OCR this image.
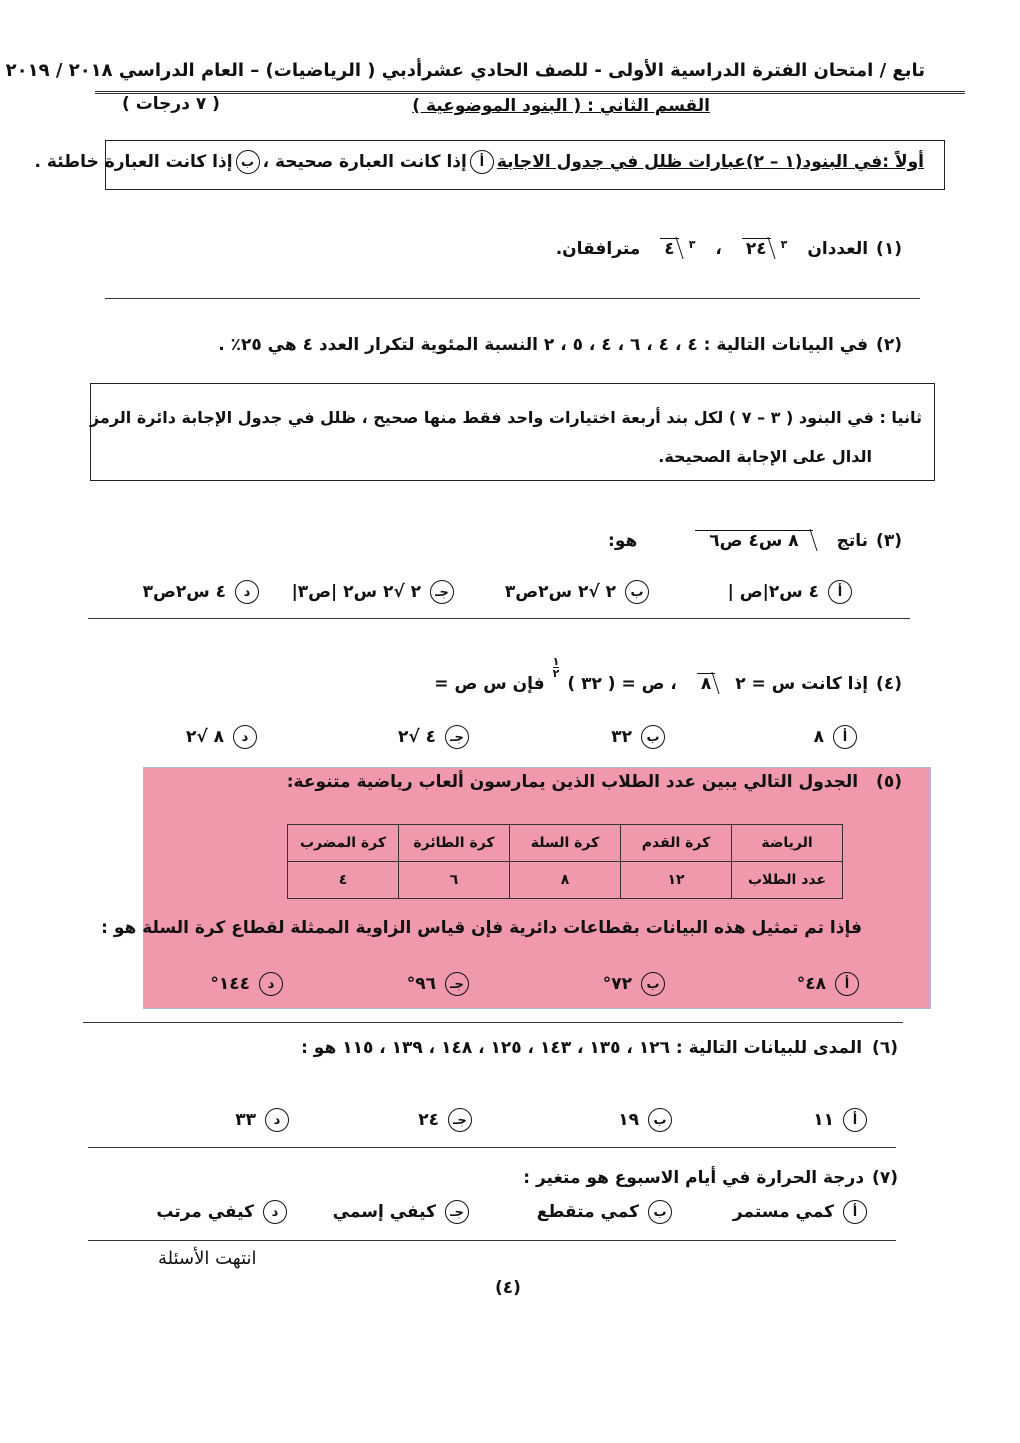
تابع / امتحان الفترة الدراسية الأولى - للصف الحادي عشرأدبي ( الرياضيات) – العام الدراسي ٢٠١٨ / ٢٠١٩
القسم الثاني : ( البنود الموضوعية )
( ٧ درجات )
أولاً :في البنود(١ – ٢)عبارات ظلل في جدول الاجابة
أ
إذا كانت العبارة صحيحة ،
ب
إذا كانت العبارة خاطئة .
(١)
العددان
٣
٢٤
،
٣
٤
مترافقان.
(٢)
في البيانات التالية : ٤ ، ٤ ، ٦ ، ٤ ، ٥ ، ٢ النسبة المئوية لتكرار العدد ٤ هي ٢٥٪ .
ثانيا : في البنود ( ٣ – ٧ ) لكل بند أربعة اختيارات واحد فقط منها صحيح ، ظلل في جدول الإجابة دائرة الرمز
الدال على الإجابة الصحيحة.
(٣)
ناتج
٨ س٤ ص٦
هو:
أ
٤ س٢|ص |
ب
٢ √٢ س٢ص٣
جـ
٢ √٢ س٢ |ص٣|
د
٤ س٢ص٣
(٤)
إذا كانت س = ٢
٨
، ص = ( ٣٢ )
١
٢
فإن س ص =
أ
٨
ب
٣٢
جـ
٤ √٢
د
٨ √٢
(٥)
الجدول التالي يبين عدد الطلاب الذين يمارسون ألعاب رياضية متنوعة:
الرياضة	كرة القدم	كرة السلة	كرة الطائرة	كرة المضرب
عدد الطلاب	١٢	٨	٦	٤
فإذا تم تمثيل هذه البيانات بقطاعات دائرية فإن قياس الزاوية الممثلة لقطاع كرة السلة هو :
أ
٤٨°
ب
٧٢°
جـ
٩٦°
د
١٤٤°
(٦)
المدى للبيانات التالية : ١٢٦ ، ١٣٥ ، ١٤٣ ، ١٢٥ ، ١٤٨ ، ١٣٩ ، ١١٥ هو :
أ
١١
ب
١٩
جـ
٢٤
د
٣٣
(٧)
درجة الحرارة في أيام الاسبوع هو متغير :
أ
كمي مستمر
ب
كمي متقطع
جـ
كيفي إسمي
د
كيفي مرتب
انتهت الأسئلة
(٤)
